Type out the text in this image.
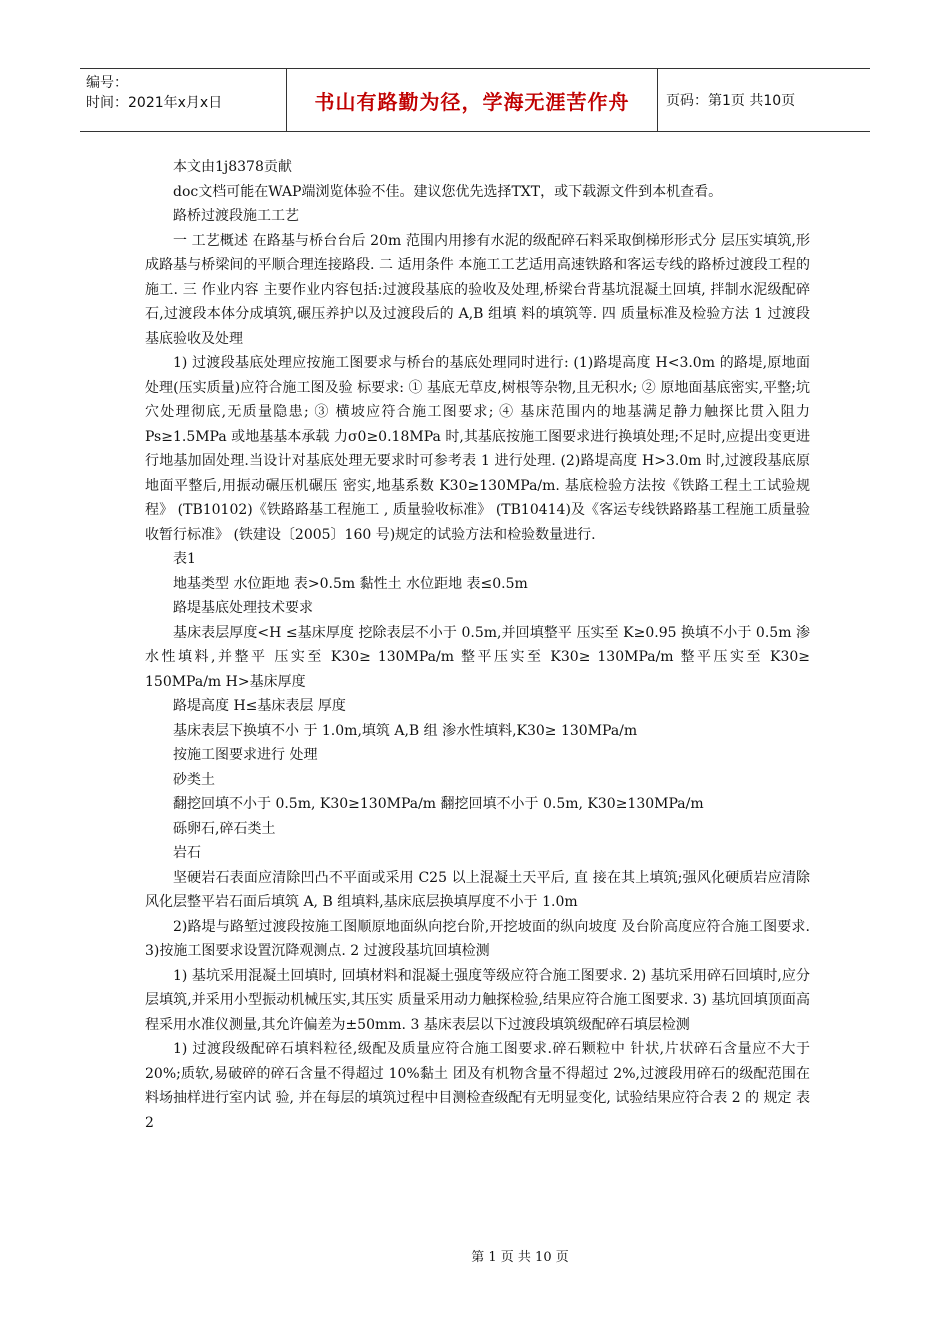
编号：
时间：2021年x月x日	书山有路勤为径，学海无涯苦作舟	页码：第1页 共10页

本文由1j8378贡献

doc文档可能在WAP端浏览体验不佳。建议您优先选择TXT，或下载源文件到本机查看。

路桥过渡段施工工艺

一 工艺概述 在路基与桥台台后 20m 范围内用掺有水泥的级配碎石料采取倒梯形形式分 层压实填筑,形成路基与桥梁间的平顺合理连接路段. 二 适用条件 本施工工艺适用高速铁路和客运专线的路桥过渡段工程的施工. 三 作业内容 主要作业内容包括:过渡段基底的验收及处理,桥梁台背基坑混凝土回填, 拌制水泥级配碎石,过渡段本体分成填筑,碾压养护以及过渡段后的 A,B 组填 料的填筑等. 四 质量标准及检验方法 1 过渡段基底验收及处理

1) 过渡段基底处理应按施工图要求与桥台的基底处理同时进行: (1)路堤高度 H<3.0m 的路堤,原地面处理(压实质量)应符合施工图及验 标要求: ① 基底无草皮,树根等杂物,且无积水; ② 原地面基底密实,平整;坑穴处理彻底,无质量隐患; ③ 横坡应符合施工图要求; ④ 基床范围内的地基满足静力触探比贯入阻力 Ps≥1.5MPa 或地基基本承载 力σ0≥0.18MPa 时,其基底按施工图要求进行换填处理;不足时,应提出变更进 行地基加固处理.当设计对基底处理无要求时可参考表 1 进行处理. (2)路堤高度 H>3.0m 时,过渡段基底原地面平整后,用振动碾压机碾压 密实,地基系数 K30≥130MPa/m. 基底检验方法按《铁路工程土工试验规程》 (TB10102)《铁路路基工程施工 , 质量验收标准》 (TB10414)及《客运专线铁路路基工程施工质量验收暂行标准》 (铁建设〔2005〕160 号)规定的试验方法和检验数量进行.

表1

地基类型 水位距地 表>0.5m 黏性土 水位距地 表≤0.5m

路堤基底处理技术要求

基床表层厚度<H ≤基床厚度 挖除表层不小于 0.5m,并回填整平 压实至 K≥0.95 换填不小于 0.5m 渗 水性填料,并整平 压实至 K30≥ 130MPa/m 整平压实至 K30≥ 130MPa/m 整平压实至 K30≥ 150MPa/m H>基床厚度

路堤高度 H≤基床表层 厚度

基床表层下换填不小 于 1.0m,填筑 A,B 组 渗水性填料,K30≥ 130MPa/m

按施工图要求进行 处理

砂类土

翻挖回填不小于 0.5m, K30≥130MPa/m 翻挖回填不小于 0.5m, K30≥130MPa/m

砾卵石,碎石类土

岩石

坚硬岩石表面应清除凹凸不平面或采用 C25 以上混凝土天平后, 直 接在其上填筑;强风化硬质岩应清除风化层整平岩石面后填筑 A, B 组填料,基床底层换填厚度不小于 1.0m

2)路堤与路堑过渡段按施工图顺原地面纵向挖台阶,开挖坡面的纵向坡度 及台阶高度应符合施工图要求. 3)按施工图要求设置沉降观测点. 2 过渡段基坑回填检测

1) 基坑采用混凝土回填时, 回填材料和混凝土强度等级应符合施工图要求. 2) 基坑采用碎石回填时,应分层填筑,并采用小型振动机械压实,其压实 质量采用动力触探检验,结果应符合施工图要求. 3) 基坑回填顶面高程采用水准仪测量,其允许偏差为±50mm. 3 基床表层以下过渡段填筑级配碎石填层检测

1) 过渡段级配碎石填料粒径,级配及质量应符合施工图要求.碎石颗粒中 针状,片状碎石含量应不大于 20%;质软,易破碎的碎石含量不得超过 10%黏土 团及有机物含量不得超过 2%,过渡段用碎石的级配范围在料场抽样进行室内试 验, 并在每层的填筑过程中目测检查级配有无明显变化, 试验结果应符合表 2 的 规定 表2

第 1 页 共 10 页
